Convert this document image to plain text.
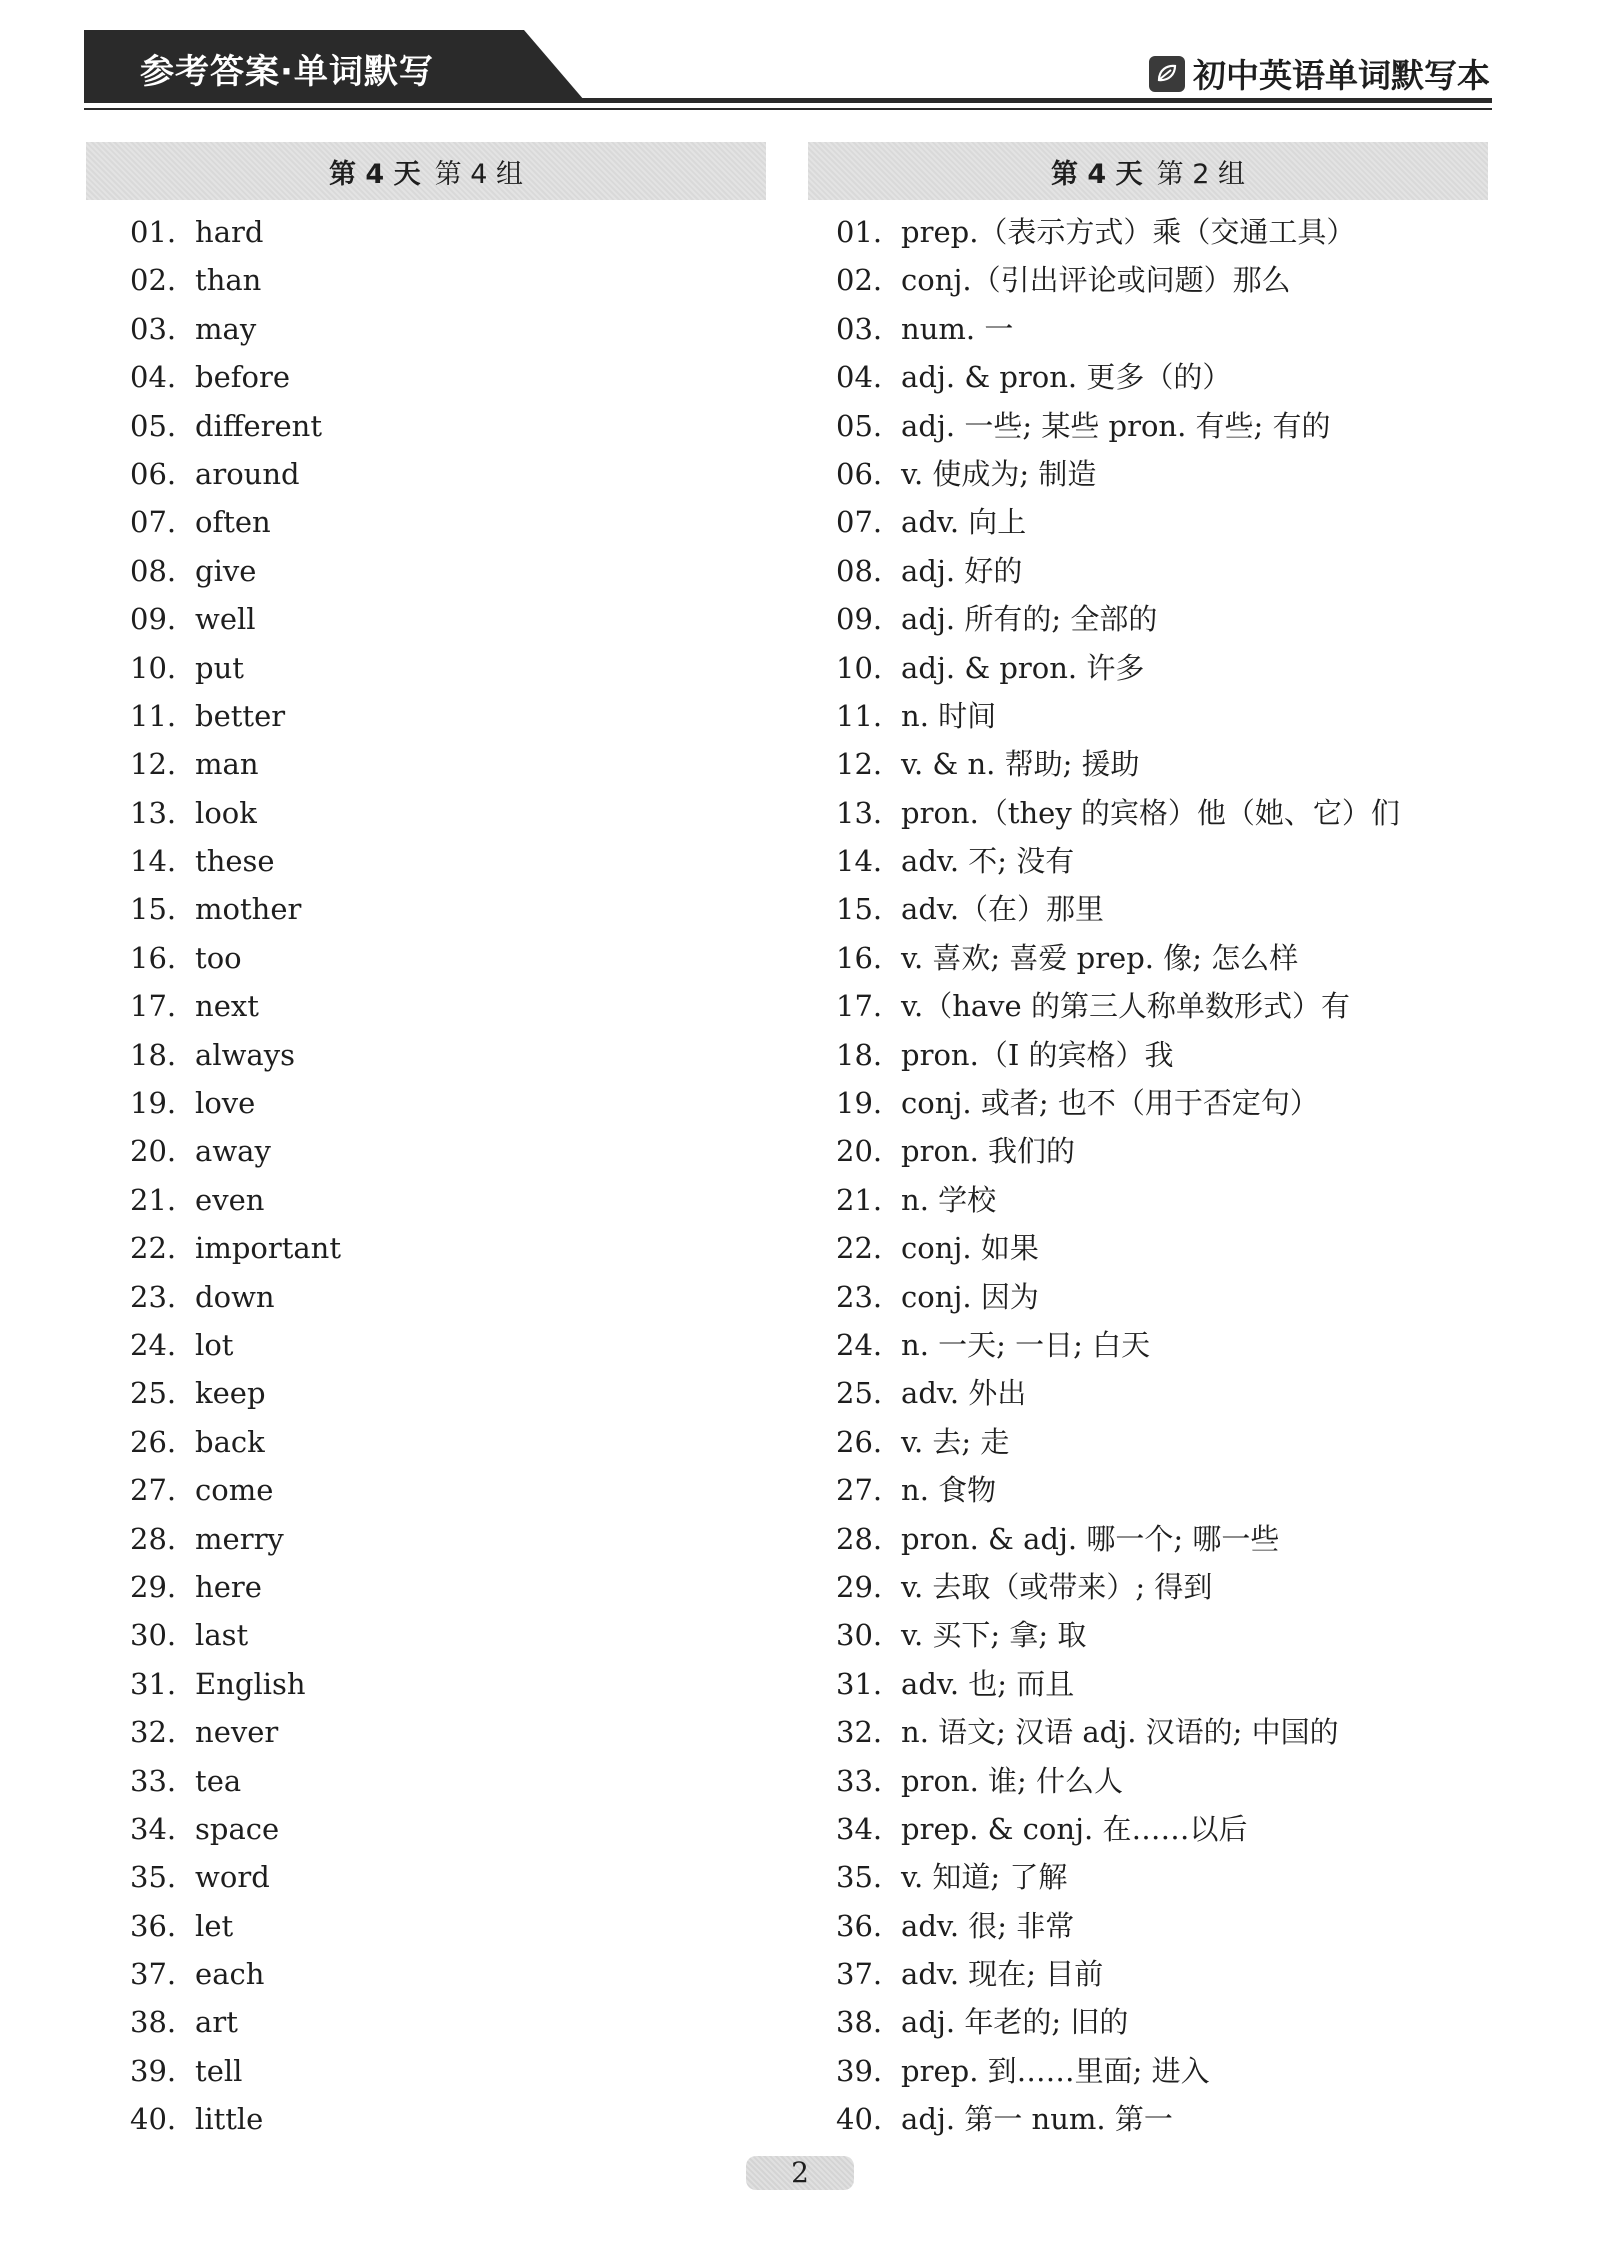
参考答案·单词默写	初中英语单词默写本
第 4 天 第 4 组
01. hard
02. than
03. may
04. before
05. different
06. around
07. often
08. give
09. well
10. put
11. better
12. man
13. look
14. these
15. mother
16. too
17. next
18. always
19. love
20. away
21. even
22. important
23. down
24. lot
25. keep
26. back
27. come
28. merry
29. here
30. last
31. English
32. never
33. tea
34. space
35. word
36. let
37. each
38. art
39. tell
40. little
第 4 天 第 2 组
01. prep.（表示方式）乘（交通工具）
02. conj.（引出评论或问题）那么
03. num. 一
04. adj. & pron. 更多（的）
05. adj. 一些; 某些 pron. 有些; 有的
06. v. 使成为; 制造
07. adv. 向上
08. adj. 好的
09. adj. 所有的; 全部的
10. adj. & pron. 许多
11. n. 时间
12. v. & n. 帮助; 援助
13. pron.（they 的宾格）他（她、它）们
14. adv. 不; 没有
15. adv.（在）那里
16. v. 喜欢; 喜爱 prep. 像; 怎么样
17. v.（have 的第三人称单数形式）有
18. pron.（I 的宾格）我
19. conj. 或者; 也不（用于否定句）
20. pron. 我们的
21. n. 学校
22. conj. 如果
23. conj. 因为
24. n. 一天; 一日; 白天
25. adv. 外出
26. v. 去; 走
27. n. 食物
28. pron. & adj. 哪一个; 哪一些
29. v. 去取（或带来）; 得到
30. v. 买下; 拿; 取
31. adv. 也; 而且
32. n. 语文; 汉语 adj. 汉语的; 中国的
33. pron. 谁; 什么人
34. prep. & conj. 在……以后
35. v. 知道; 了解
36. adv. 很; 非常
37. adv. 现在; 目前
38. adj. 年老的; 旧的
39. prep. 到……里面; 进入
40. adj. 第一 num. 第一
2
